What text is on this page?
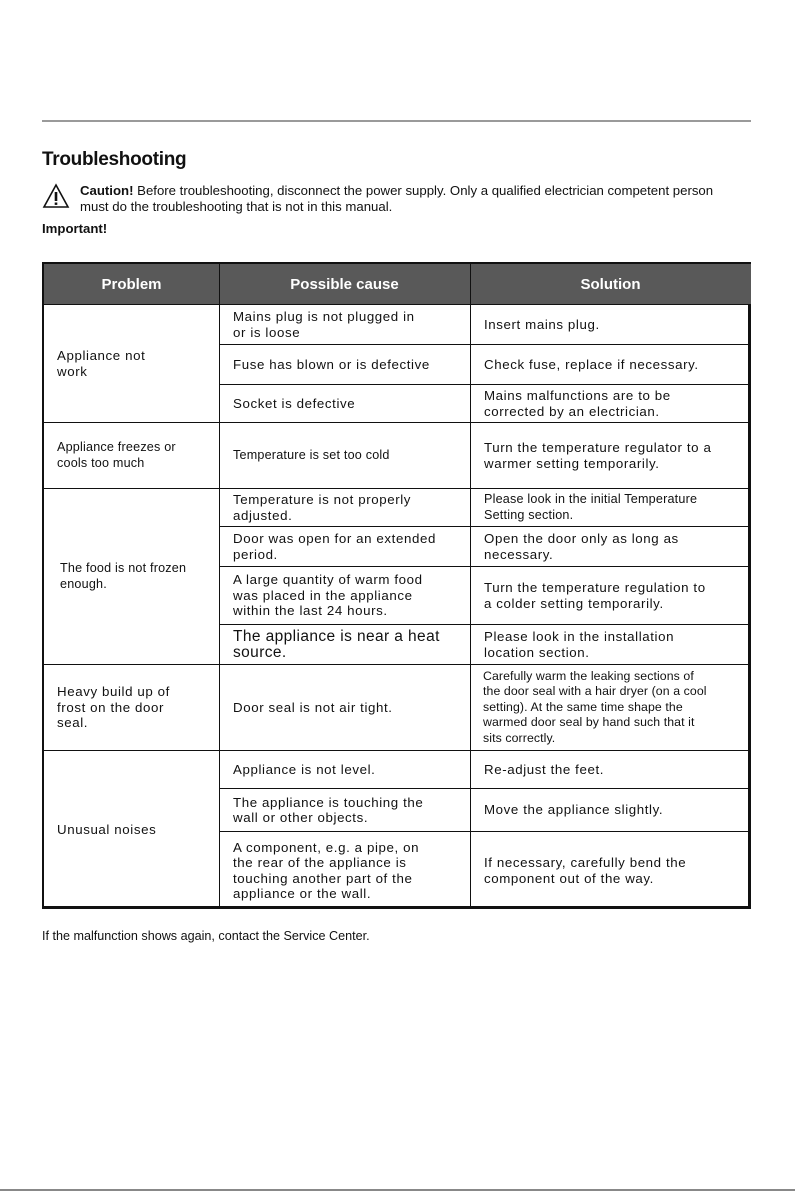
Troubleshooting
Caution! Before troubleshooting, disconnect the power supply. Only a qualified electrician competent person must do the troubleshooting that is not in this manual.
Important!
Problem	Possible cause	Solution
Appliance not
work
Appliance freezes or
cools too much
The food is not frozen
enough.
Heavy build up of
frost on the door
seal.
Unusual noises
Mains plug is not plugged in
or is loose
Fuse has blown or is defective
Socket is defective
Temperature is set too cold
Temperature is not properly
adjusted.
Door was open for an extended
period.
A large quantity of warm food
was placed in the appliance
within the last 24 hours.
The appliance is near a heat
source.
Door seal is not air tight.
Appliance is not level.
The appliance is touching the
wall or other objects.
A component, e.g. a pipe, on
the rear of the appliance is
touching another part of the
appliance or the wall.
Insert mains plug.
Check fuse, replace if necessary.
Mains malfunctions are to be
corrected by an electrician.
Turn the temperature regulator to a
warmer setting temporarily.
Please look in the initial Temperature
Setting section.
Open the door only as long as
necessary.
Turn the temperature regulation to
a colder setting temporarily.
Please look in the installation
location section.
Carefully warm the leaking sections of
the door seal with a hair dryer (on a cool
setting). At the same time shape the
warmed door seal by hand such that it
sits correctly.
Re-adjust the feet.
Move the appliance slightly.
If necessary, carefully bend the
component out of the way.
If the malfunction shows again, contact the Service Center.
